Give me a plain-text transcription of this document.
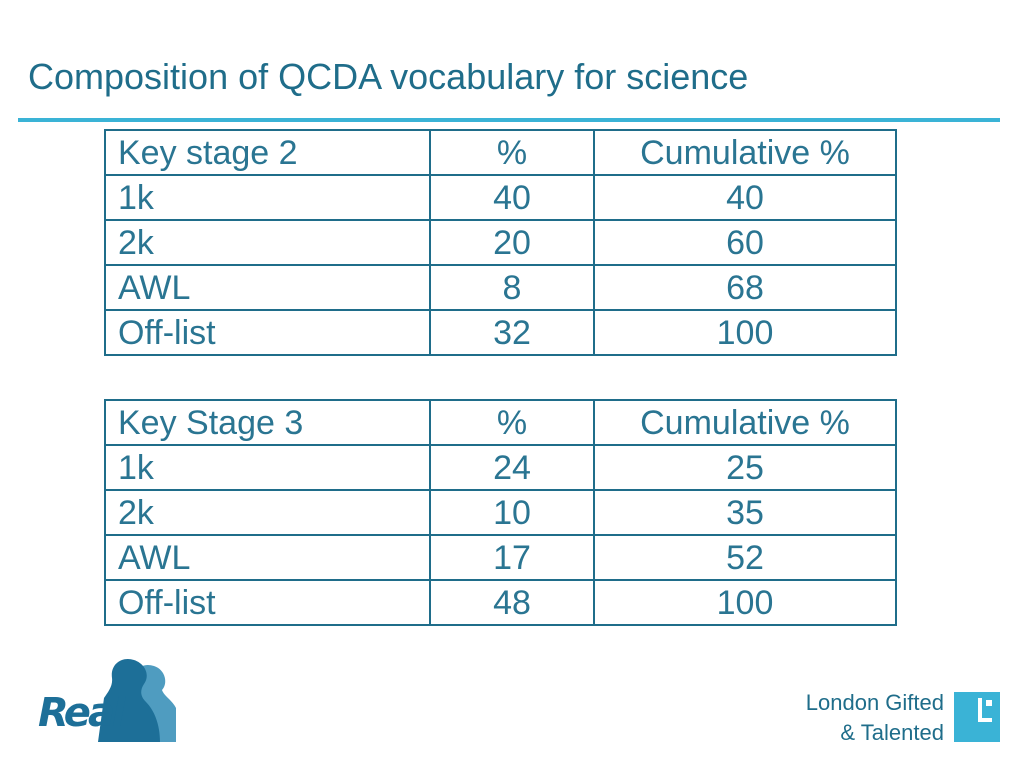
Composition of QCDA vocabulary for science
Key stage 2	%	Cumulative %
1k	40	40
2k	20	60
AWL	8	68
Off-list	32	100
Key Stage 3	%	Cumulative %
1k	24	25
2k	10	35
AWL	17	52
Off-list	48	100
Real	London Gifted
& Talented
